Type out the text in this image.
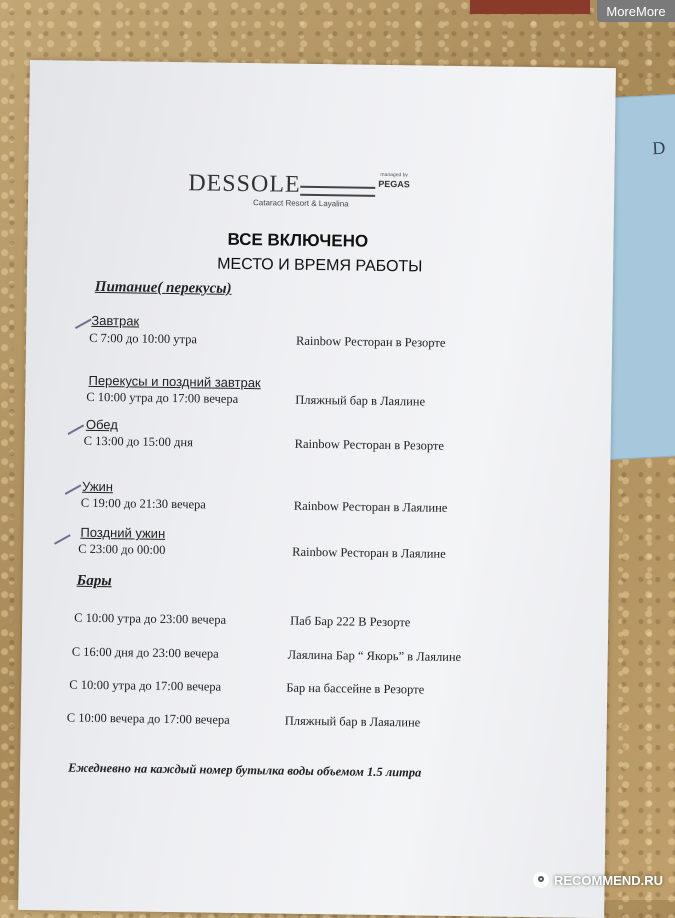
MoreMore
D
DESSOLE
Cataract Resort & Layalina
managed by
PEGAS
ВСЕ ВКЛЮЧЕНО
МЕСТО И ВРЕМЯ РАБОТЫ
Питание( перекусы)
Завтрак
С 7:00 до 10:00 утра	Rainbow Ресторан в Резорте
Перекусы и поздний завтрак
С 10:00 утра до 17:00 вечера	Пляжный бар в Лаялине
Обед
С 13:00 до 15:00 дня	Rainbow Ресторан в Резорте
Ужин
С 19:00 до 21:30 вечера	Rainbow Ресторан в Лаялине
Поздний ужин
С 23:00 до 00:00	Rainbow Ресторан в Лаялине
Бары
С 10:00 утра до 23:00 вечера	Паб Бар 222 В Резорте
С 16:00 дня до 23:00 вечера	Лаялина Бар “ Якорь” в Лаялине
С 10:00 утра до 17:00 вечера	Бар на бассейне в Резорте
С 10:00 вечера до 17:00 вечера	Пляжный бар в Лаяалине
Ежедневно на каждый номер бутылка воды объемом 1.5 литра
RECOMMEND.RU
